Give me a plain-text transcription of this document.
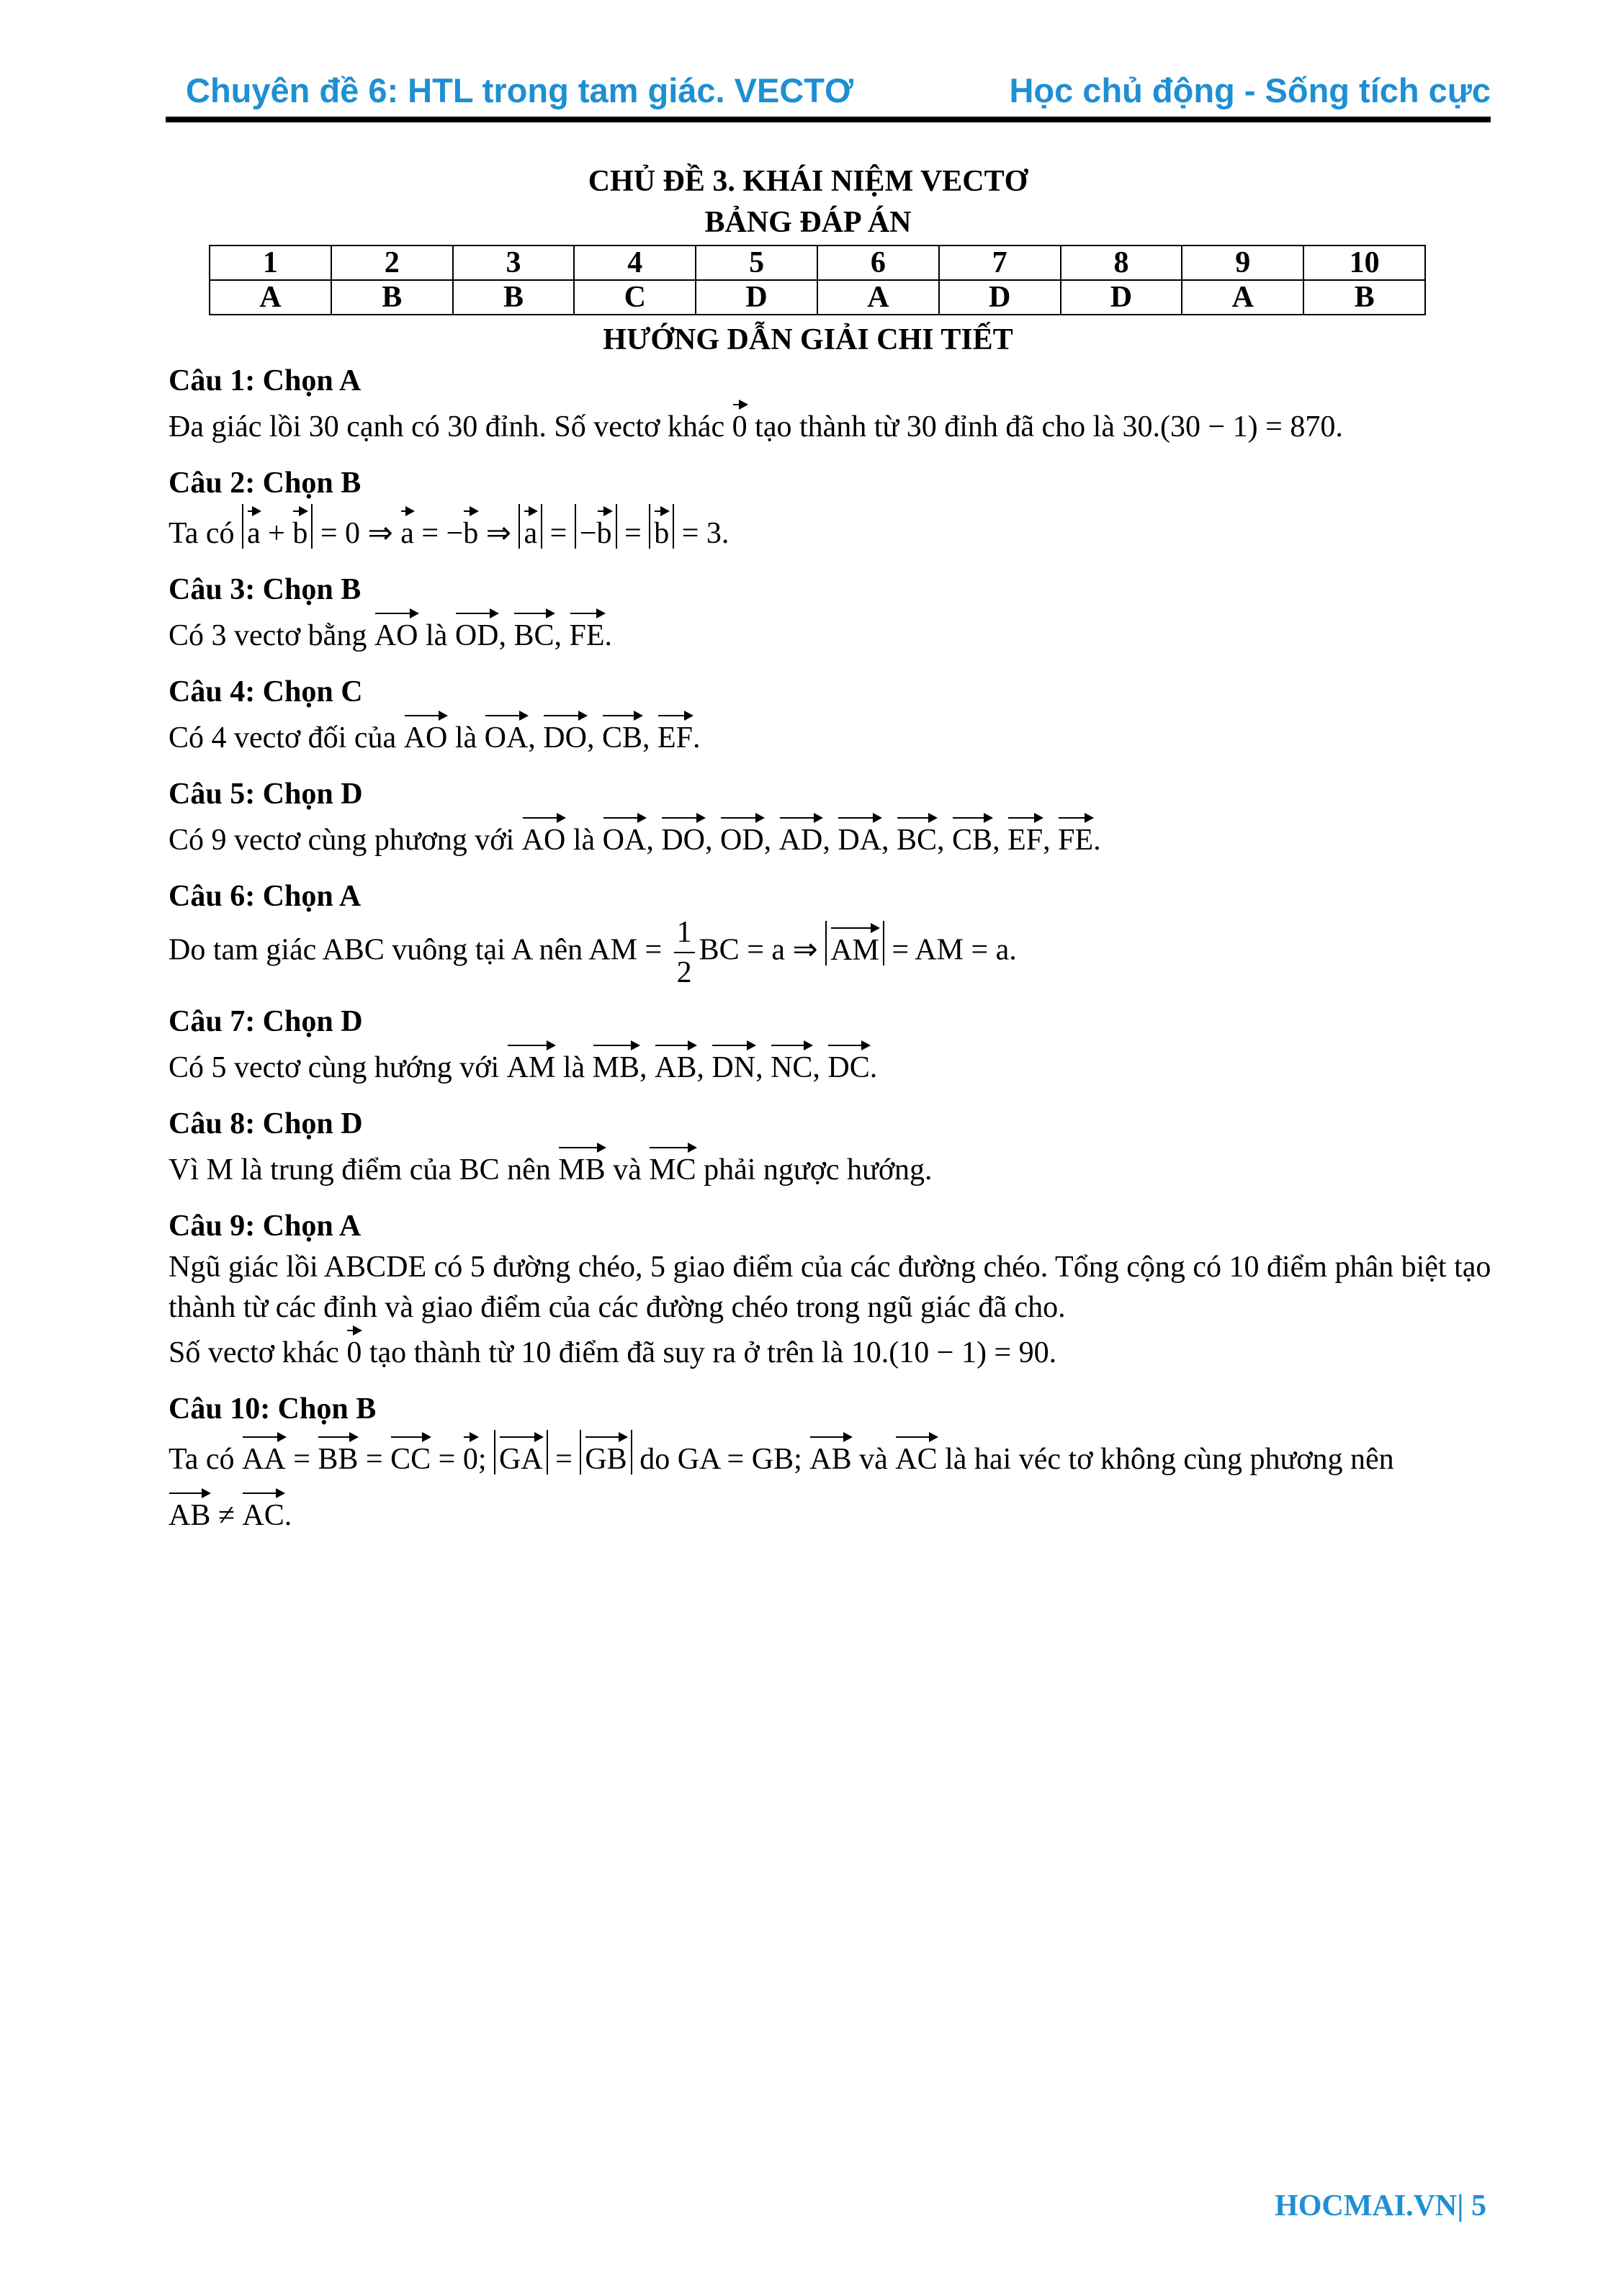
Chuyên đề 6: HTL trong tam giác. VECTƠ	Học chủ động - Sống tích cực
CHỦ ĐỀ 3. KHÁI NIỆM VECTƠ
BẢNG ĐÁP ÁN
1	2	3	4	5	6	7	8	9	10
A	B	B	C	D	A	D	D	A	B
HƯỚNG DẪN GIẢI CHI TIẾT

Câu 1: Chọn A

Đa giác lồi 30 cạnh có 30 đỉnh. Số vectơ khác 0 tạo thành từ 30 đỉnh đã cho là 30.(30 − 1) = 870.

Câu 2: Chọn B

Ta có a + b = 0 ⇒ a = −b ⇒ a = −b = b = 3.

Câu 3: Chọn B

Có 3 vectơ bằng AO là OD, BC, FE.

Câu 4: Chọn C

Có 4 vectơ đối của AO là OA, DO, CB, EF.

Câu 5: Chọn D

Có 9 vectơ cùng phương với AO là OA, DO, OD, AD, DA, BC, CB, EF, FE.

Câu 6: Chọn A

Do tam giác ABC vuông tại A nên AM = $\frac{1}{2}$ BC = a ⇒ AM = AM = a.

Câu 7: Chọn D

Có 5 vectơ cùng hướng với AM là MB, AB, DN, NC, DC.

Câu 8: Chọn D

Vì M là trung điểm của BC nên MB và MC phải ngược hướng.

Câu 9: Chọn A

Ngũ giác lồi ABCDE có 5 đường chéo, 5 giao điểm của các đường chéo. Tổng cộng có 10 điểm phân biệt tạo thành từ các đỉnh và giao điểm của các đường chéo trong ngũ giác đã cho.

Số vectơ khác 0 tạo thành từ 10 điểm đã suy ra ở trên là 10.(10 − 1) = 90.

Câu 10: Chọn B

Ta có AA = BB = CC = 0; GA = GB do GA = GB; AB và AC là hai véc tơ không cùng phương nên

AB ≠ AC.

HOCMAI.VN| 5
